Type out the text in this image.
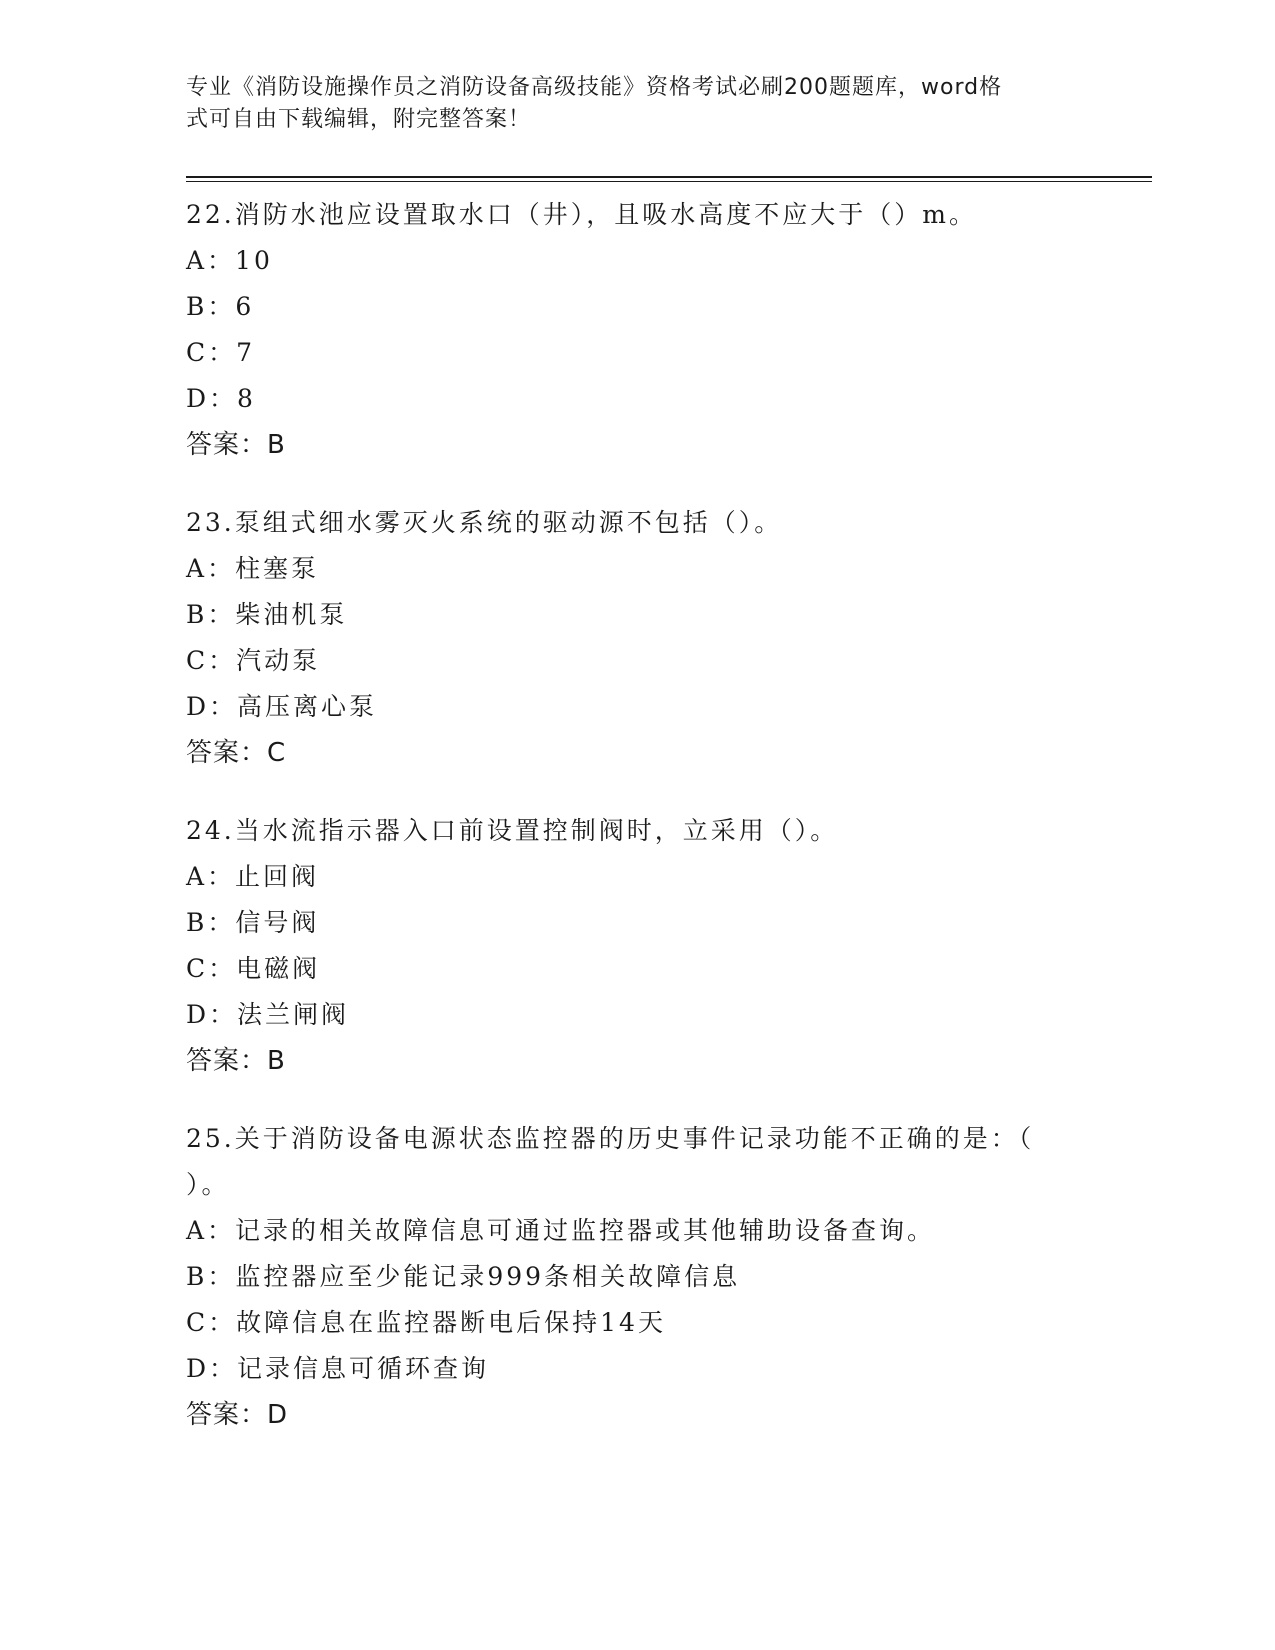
专业《消防设施操作员之消防设备高级技能》资格考试必刷200题题库，word格
式可自由下载编辑，附完整答案！
22.消防水池应设置取水口（井），且吸水高度不应大于（）m。
A：10
B：6
C：7
D：8
答案：B
23.泵组式细水雾灭火系统的驱动源不包括（）。
A：柱塞泵
B：柴油机泵
C：汽动泵
D：高压离心泵
答案：C
24.当水流指示器入口前设置控制阀时，立采用（）。
A：止回阀
B：信号阀
C：电磁阀
D：法兰闸阀
答案：B
25.关于消防设备电源状态监控器的历史事件记录功能不正确的是：（
）。
A：记录的相关故障信息可通过监控器或其他辅助设备查询。
B：监控器应至少能记录999条相关故障信息
C：故障信息在监控器断电后保持14天
D：记录信息可循环查询
答案：D
